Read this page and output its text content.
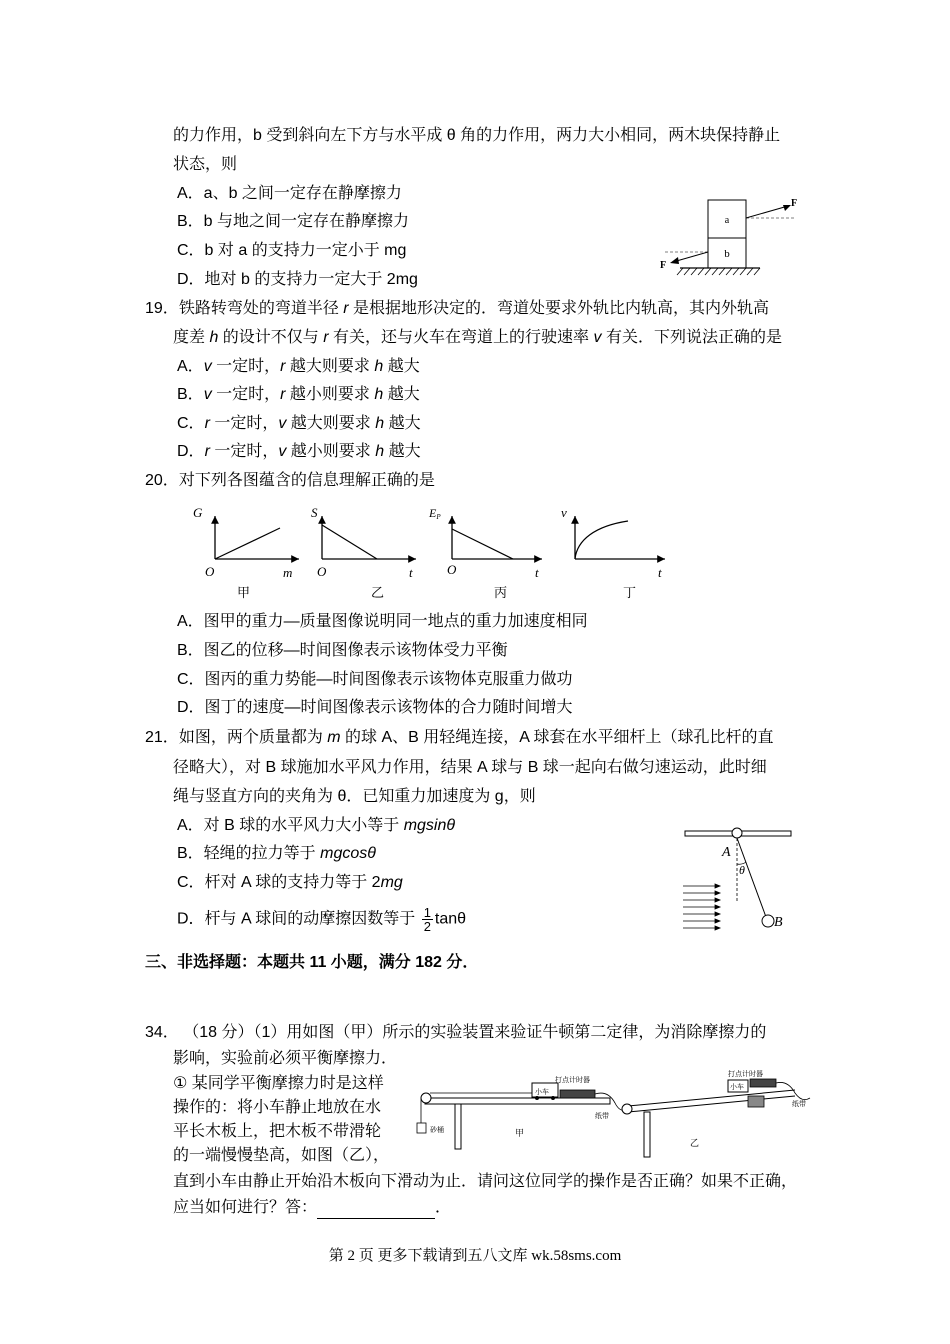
的力作用，b 受到斜向左下方与水平成 θ 角的力作用，两力大小相同，两木块保持静止
状态，则
A．a、b 之间一定存在静摩擦力
B．b 与地之间一定存在静摩擦力
C．b 对 a 的支持力一定小于 mg
D．地对 b 的支持力一定大于 2mg
a
b
F
F
19．铁路转弯处的弯道半径 r 是根据地形决定的．弯道处要求外轨比内轨高，其内外轨高
度差 h 的设计不仅与 r 有关，还与火车在弯道上的行驶速率 v 有关．下列说法正确的是
A．v 一定时，r 越大则要求 h 越大
B．v 一定时，r 越小则要求 h 越大
C．r 一定时，v 越大则要求 h 越大
D．r 一定时，v 越小则要求 h 越大
20．对下列各图蕴含的信息理解正确的是
G
m
O
甲
S
t
O
乙
EP
t
O
丙
v
t
丁
A．图甲的重力—质量图像说明同一地点的重力加速度相同
B．图乙的位移—时间图像表示该物体受力平衡
C．图丙的重力势能—时间图像表示该物体克服重力做功
D．图丁的速度—时间图像表示该物体的合力随时间增大
21．如图，两个质量都为 m 的球 A、B 用轻绳连接，A 球套在水平细杆上（球孔比杆的直
径略大），对 B 球施加水平风力作用，结果 A 球与 B 球一起向右做匀速运动，此时细
绳与竖直方向的夹角为 θ．已知重力加速度为 g，则
A．对 B 球的水平风力大小等于 mgsinθ
B．轻绳的拉力等于 mgcosθ
C．杆对 A 球的支持力等于 2mg
D．杆与 A 球间的动摩擦因数等于 $\frac{1}{2}$ tanθ
A
θ
B
三、非选择题：本题共 11 小题，满分 182 分．
34． （18 分）（1）用如图（甲）所示的实验装置来验证牛顿第二定律，为消除摩擦力的
影响，实验前必须平衡摩擦力．
① 某同学平衡摩擦力时是这样
操作的：将小车静止地放在水
平长木板上，把木板不带滑轮
的一端慢慢垫高，如图（乙），
直到小车由静止开始沿木板向下滑动为止．请问这位同学的操作是否正确？如果不正确，
应当如何进行？答：	．
砂桶
小车
打点计时器
纸带
甲
小车
打点计时器
纸带
乙
第 2 页 更多下载请到五八文库 wk.58sms.com
